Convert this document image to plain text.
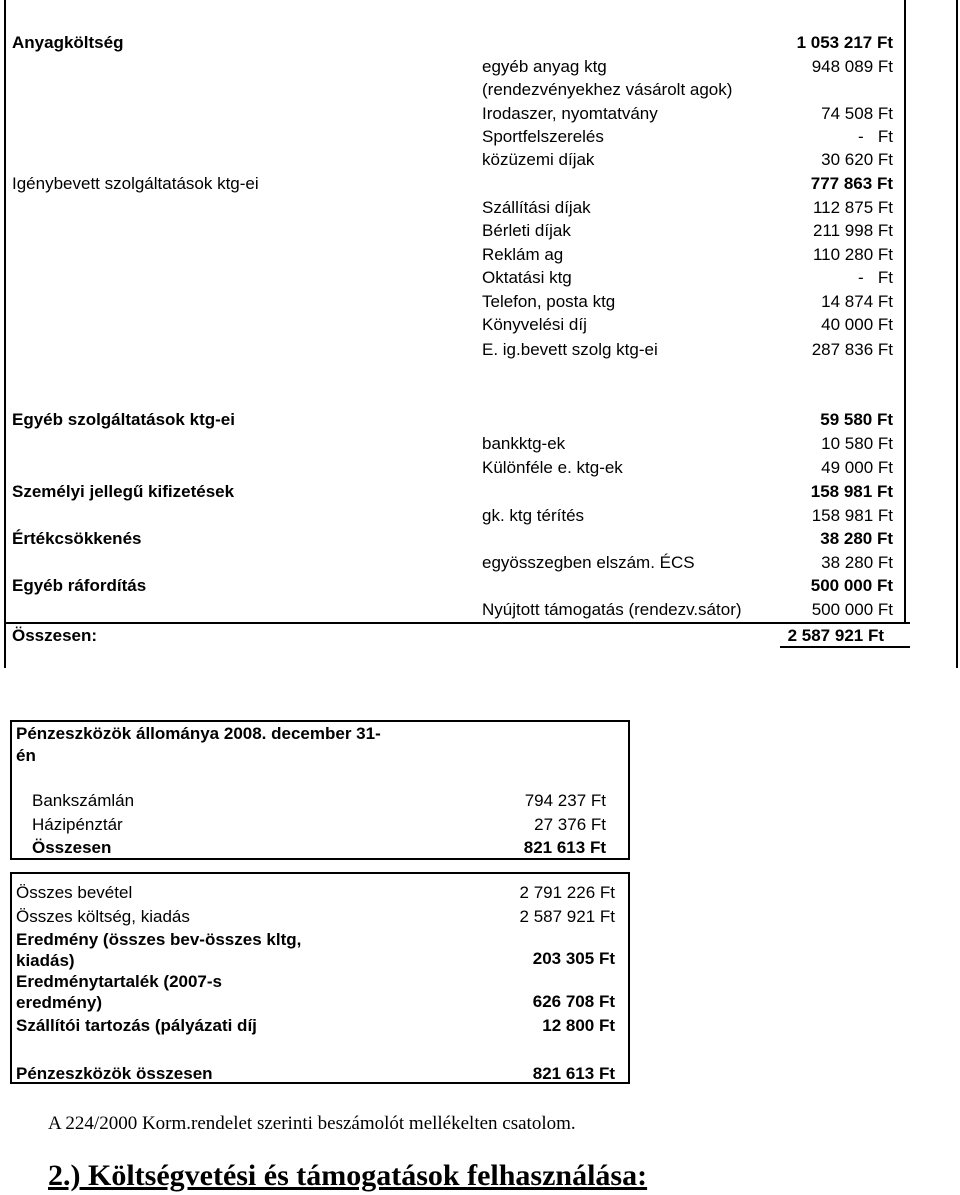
Anyagköltség	1 053 217 Ft
egyéb anyag ktg	948 089 Ft
(rendezvényekhez vásárolt agok)
Irodaszer, nyomtatvány	74 508 Ft
Sportfelszerelés	-   Ft
közüzemi díjak	30 620 Ft
Igénybevett szolgáltatások ktg-ei	777 863 Ft
Szállítási díjak	112 875 Ft
Bérleti díjak	211 998 Ft
Reklám ag	110 280 Ft
Oktatási ktg	-   Ft
Telefon, posta ktg	14 874 Ft
Könyvelési díj	40 000 Ft
E. ig.bevett szolg ktg-ei	287 836 Ft
Egyéb szolgáltatások ktg-ei	59 580 Ft
bankktg-ek	10 580 Ft
Különféle e. ktg-ek	49 000 Ft
Személyi jellegű kifizetések	158 981 Ft
gk. ktg térítés	158 981 Ft
Értékcsökkenés	38 280 Ft
egyösszegben elszám. ÉCS	38 280 Ft
Egyéb ráfordítás	500 000 Ft
Nyújtott támogatás (rendezv.sátor)	500 000 Ft
Összesen:	2 587 921 Ft
Pénzeszközök állománya 2008. december 31-
én
Bankszámlán	794 237 Ft
Házipénztár	27 376 Ft
Összesen	821 613 Ft
Összes bevétel	2 791 226 Ft
Összes költség, kiadás	2 587 921 Ft
Eredmény (összes bev-összes kltg,
kiadás)	203 305 Ft
Eredménytartalék (2007-s
eredmény)	626 708 Ft
Szállítói tartozás (pályázati díj	12 800 Ft
Pénzeszközök összesen	821 613 Ft
A 224/2000 Korm.rendelet szerinti beszámolót mellékelten csatolom.
2.) Költségvetési és támogatások felhasználása:
